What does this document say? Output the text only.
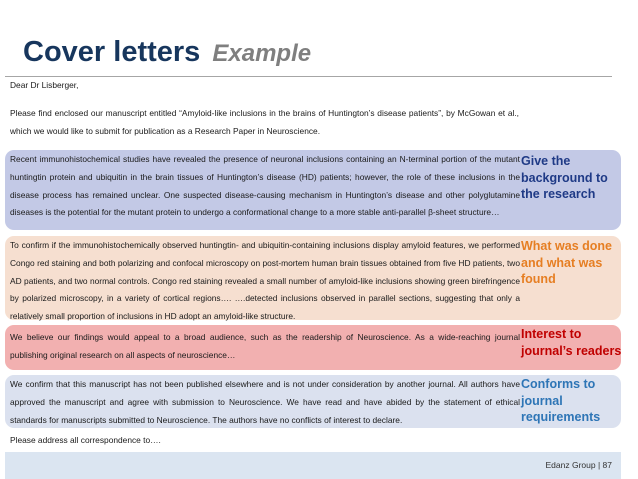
Cover letters Example
Dear Dr Lisberger,
Please find enclosed our manuscript entitled “Amyloid-like inclusions in the brains of Huntington’s disease patients”, by McGowan et al., which we would like to submit for publication as a Research Paper in Neuroscience.
Recent immunohistochemical studies have revealed the presence of neuronal inclusions containing an N-terminal portion of the mutant huntingtin protein and ubiquitin in the brain tissues of Huntington’s disease (HD) patients; however, the role of these inclusions in the disease process has remained unclear. One suspected disease-causing mechanism in Huntington’s disease and other polyglutamine diseases is the potential for the mutant protein to undergo a conformational change to a more stable anti-parallel β-sheet structure…
Give the background to the research
To confirm if the immunohistochemically observed huntingtin- and ubiquitin-containing inclusions display amyloid features, we performed Congo red staining and both polarizing and confocal microscopy on post-mortem human brain tissues obtained from five HD patients, two AD patients, and two normal controls. Congo red staining revealed a small number of amyloid-like inclusions showing green birefringence by polarized microscopy, in a variety of cortical regions…. ….detected inclusions observed in parallel sections, suggesting that only a relatively small proportion of inclusions in HD adopt an amyloid-like structure.
What was done and what was found
We believe our findings would appeal to a broad audience, such as the readership of Neuroscience. As a wide-reaching journal publishing original research on all aspects of neuroscience…
Interest to journal’s readers
We confirm that this manuscript has not been published elsewhere and is not under consideration by another journal. All authors have approved the manuscript and agree with submission to Neuroscience. We have read and have abided by the statement of ethical standards for manuscripts submitted to Neuroscience. The authors have no conflicts of interest to declare.
Conforms to journal requirements
Please address all correspondence to….
Edanz Group | 87
